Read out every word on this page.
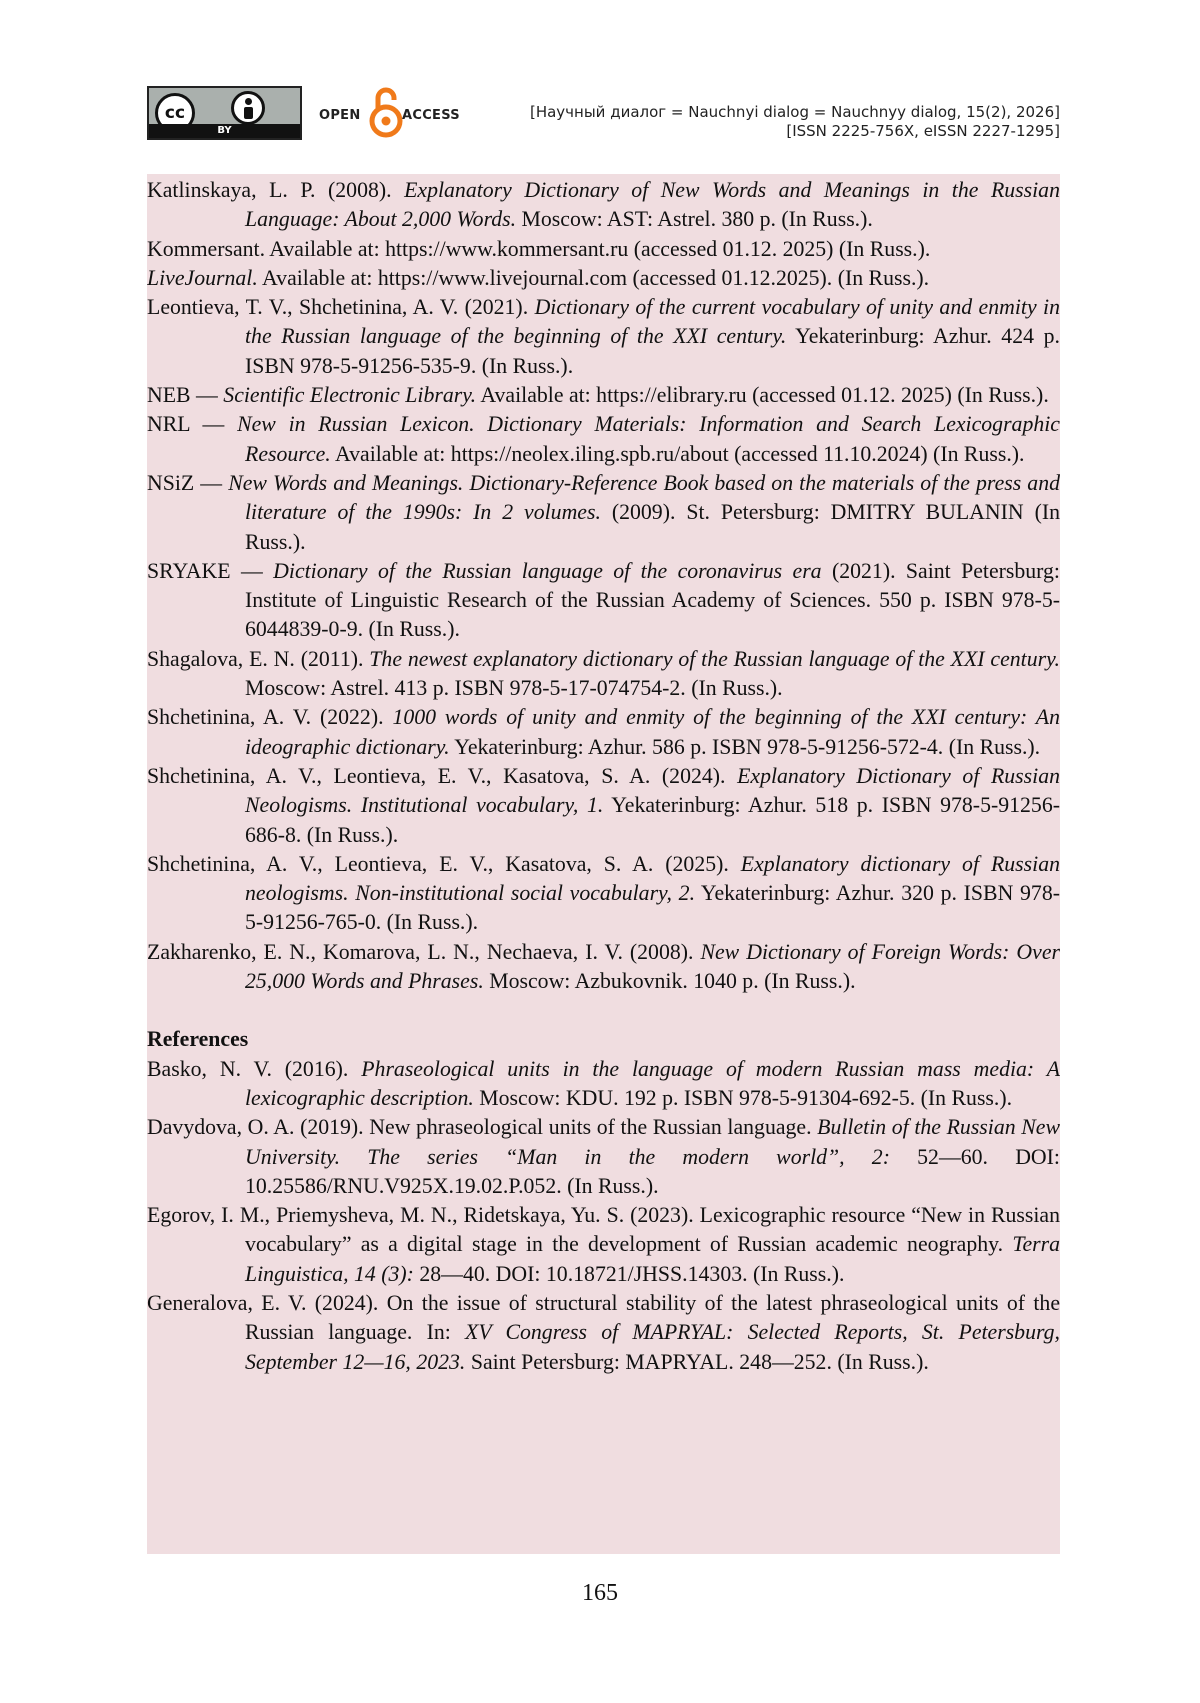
cc
BY
OPEN	ACCESS	[Научный диалог = Nauchnyi dialog = Nauchnyy dialog, 15(2), 2026]
[ISSN 2225-756X, eISSN 2227-1295]

Katlinskaya, L. P. (2008). Explanatory Dictionary of New Words and Meanings in the Russian Language: About 2,000 Words. Moscow: AST: Astrel. 380 p. (In Russ.).

Kommersant. Available at: https://www.kommersant.ru (accessed 01.12. 2025) (In Russ.).

LiveJournal. Available at: https://www.livejournal.com (accessed 01.12.2025). (In Russ.).

Leontieva, T. V., Shchetinina, A. V. (2021). Dictionary of the current vocabulary of unity and enmity in the Russian language of the beginning of the XXI century. Yekaterinburg: Azhur. 424 p. ISBN 978-5-91256-535-9. (In Russ.).

NEB — Scientific Electronic Library. Available at: https://elibrary.ru (accessed 01.12. 2025) (In Russ.).

NRL — New in Russian Lexicon. Dictionary Materials: Information and Search Lexicographic Resource. Available at: https://neolex.iling.spb.ru/about (accessed 11.10.2024) (In Russ.).

NSiZ — New Words and Meanings. Dictionary-Reference Book based on the materials of the press and literature of the 1990s: In 2 volumes. (2009). St. Petersburg: DMITRY BULANIN (In Russ.).

SRYAKE — Dictionary of the Russian language of the coronavirus era (2021). Saint Petersburg: Institute of Linguistic Research of the Russian Academy of Sciences. 550 p. ISBN 978-5-6044839-0-9. (In Russ.).

Shagalova, E. N. (2011). The newest explanatory dictionary of the Russian language of the XXI century. Moscow: Astrel. 413 p. ISBN 978-5-17-074754-2. (In Russ.).

Shchetinina, A. V. (2022). 1000 words of unity and enmity of the beginning of the XXI century: An ideographic dictionary. Yekaterinburg: Azhur. 586 p. ISBN 978-5-91256-572-4. (In Russ.).

Shchetinina, A. V., Leontieva, E. V., Kasatova, S. A. (2024). Explanatory Dictionary of Russian Neologisms. Institutional vocabulary, 1. Yekaterinburg: Azhur. 518 p. ISBN 978-5-91256-686-8. (In Russ.).

Shchetinina, A. V., Leontieva, E. V., Kasatova, S. A. (2025). Explanatory dictionary of Russian neologisms. Non-institutional social vocabulary, 2. Yekaterinburg: Azhur. 320 p. ISBN 978-5-91256-765-0. (In Russ.).

Zakharenko, E. N., Komarova, L. N., Nechaeva, I. V. (2008). New Dictionary of Foreign Words: Over 25,000 Words and Phrases. Moscow: Azbukovnik. 1040 p. (In Russ.).

References

Basko, N. V. (2016). Phraseological units in the language of modern Russian mass media: A lexicographic description. Moscow: KDU. 192 p. ISBN 978-5-91304-692-5. (In Russ.).

Davydova, O. A. (2019). New phraseological units of the Russian language. Bulletin of the Russian New University. The series “Man in the modern world”, 2: 52—60. DOI: 10.25586/RNU.V925X.19.02.P.052. (In Russ.).

Egorov, I. M., Priemysheva, M. N., Ridetskaya, Yu. S. (2023). Lexicographic resource “New in Russian vocabulary” as a digital stage in the development of Russian academic neography. Terra Linguistica, 14 (3): 28—40. DOI: 10.18721/JHSS.14303. (In Russ.).

Generalova, E. V. (2024). On the issue of structural stability of the latest phraseological units of the Russian language. In: XV Congress of MAPRYAL: Selected Reports, St. Petersburg, September 12—16, 2023. Saint Petersburg: MAPRYAL. 248—252. (In Russ.).

165
